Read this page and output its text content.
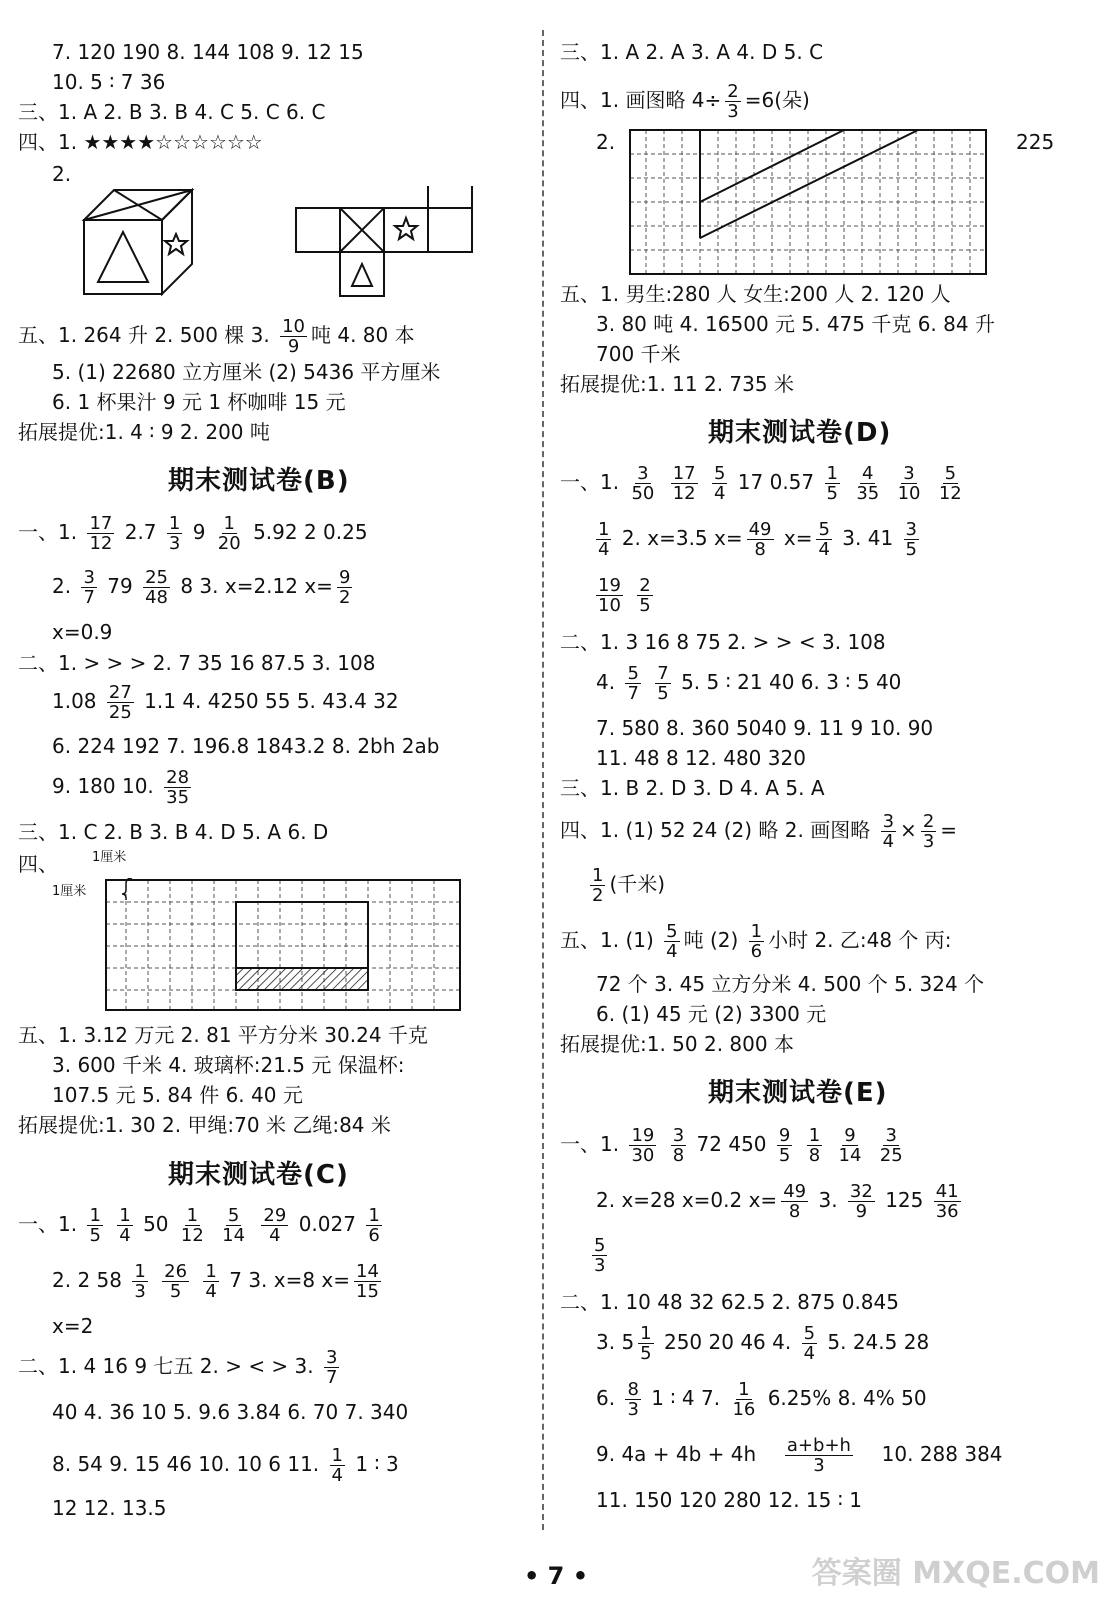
7. 120 190 8. 144 108 9. 12 15
10. 5 ∶ 7 36
三、1. A 2. B 3. B 4. C 5. C 6. C
四、1. ★★★★☆☆☆☆☆☆
2.
五、1. 264 升 2. 500 棵 3. $\frac{10}{9}$ 吨 4. 80 本
5. (1) 22680 立方厘米 (2) 5436 平方厘米
6. 1 杯果汁 9 元 1 杯咖啡 15 元
拓展提优:1. 4 ∶ 9 2. 200 吨
期末测试卷(B)
一、1. $\frac{17}{12} 2.7 \frac{1}{3} 9 \frac{1}{20} 5.92$ 2 0.25
2. $\frac{3}{7} 79 \frac{25}{48} 8$ 3. x=2.12 $x= \frac{9}{2}$
x=0.9
二、1. > > > 2. 7 35 16 87.5 3. 108
$1.08 \frac{27}{25} 1.1$ 4. 4250 55 5. 43.4 32
6. 224 192 7. 196.8 1843.2 8. 2bh 2ab
9. 180 10. $\frac{28}{35}$
三、1. C 2. B 3. B 4. D 5. A 6. D
四、	1厘米
1厘米
五、1. 3.12 万元 2. 81 平方分米 30.24 千克
3. 600 千米 4. 玻璃杯:21.5 元 保温杯:
107.5 元 5. 84 件 6. 40 元
拓展提优:1. 30 2. 甲绳:70 米 乙绳:84 米
期末测试卷(C)
一、1. $\frac{1}{5}$
$\frac{1}{4} 50 \frac{1}{12}$
$\frac{5}{14}$
$\frac{29}{4} 0.027 \frac{1}{6}$
2. 2 $58 \frac{1}{3}$
$\frac{26}{5}$
$\frac{1}{4} 7$ 3. x=8 $x= \frac{14}{15}$
x=2
二、1. 4 16 9 七五 2. > < > 3. $\frac{3}{7}$
40 4. 36 10 5. 9.6 3.84 6. 70 7. 340
8. 54 9. 15 46 10. 10 6 11. $\frac{1}{4} 1$ ∶ 3
12 12. 13.5
三、1. A 2. A 3. A 4. D 5. C
四、1. 画图略 $4\div \frac{2}{3} =6$(朵)
2.	225
五、1. 男生:280 人 女生:200 人 2. 120 人
3. 80 吨 4. 16500 元 5. 475 千克 6. 84 升
700 千米
拓展提优:1. 11 2. 735 米
期末测试卷(D)
一、1. $\frac{3}{50}$
$\frac{17}{12}$
$\frac{5}{4} 17$ $0.57 \frac{1}{5}$
$\frac{4}{35}$
$\frac{3}{10}$
$\frac{5}{12}$
$\frac{1}{4} 2$. x=3.5 $x= \frac{49}{8} x= \frac{5}{4} 3$. $41 \frac{3}{5}$
$\frac{19}{10}$
$\frac{2}{5}$
二、1. 3 16 8 75 2. > > < 3. 108
4. $\frac{5}{7}$
$\frac{7}{5} 5$. 5 ∶ 21 40 6. 3 ∶ 5 40
7. 580 8. 360 5040 9. 11 9 10. 90
11. 48 8 12. 480 320
三、1. B 2. D 3. D 4. A 5. A
四、1. (1) 52 24 (2) 略 2. 画图略 $\frac{3}{4} \times \frac{2}{3}$ =
$\frac{1}{2}$ (千米)
五、1. $(1) \frac{5}{4}$ 吨 $(2) \frac{1}{6}$ 小时 2. 乙:48 个 丙:
72 个 3. 45 立方分米 4. 500 个 5. 324 个
6. (1) 45 元 (2) 3300 元
拓展提优:1. 50 2. 800 本
期末测试卷(E)
一、1. $\frac{19}{30}$
$\frac{3}{8} 72$ $450 \frac{9}{5}$
$\frac{1}{8}$
$\frac{9}{14}$
$\frac{3}{25}$
2. x=28 x=0.2 $x= \frac{49}{8} 3$. $\frac{32}{9} 125 \frac{41}{36}$
$\frac{5}{3}$
二、1. 10 48 32 62.5 2. 875 0.845
3. $5 \frac{1}{5} 250$ 20 46 4. $\frac{5}{4} 5$. 24.5 28
6. $\frac{8}{3} 1$ ∶ 4 7. $\frac{1}{16} 6.25\%$ 8. 4% 50
9. $4a + 4b + 4h \frac{a+b+h}{3} 10$. 288 384
11. 150 120 280 12. 15 ∶ 1
• 7 •	答案圈 MXQE.COM
